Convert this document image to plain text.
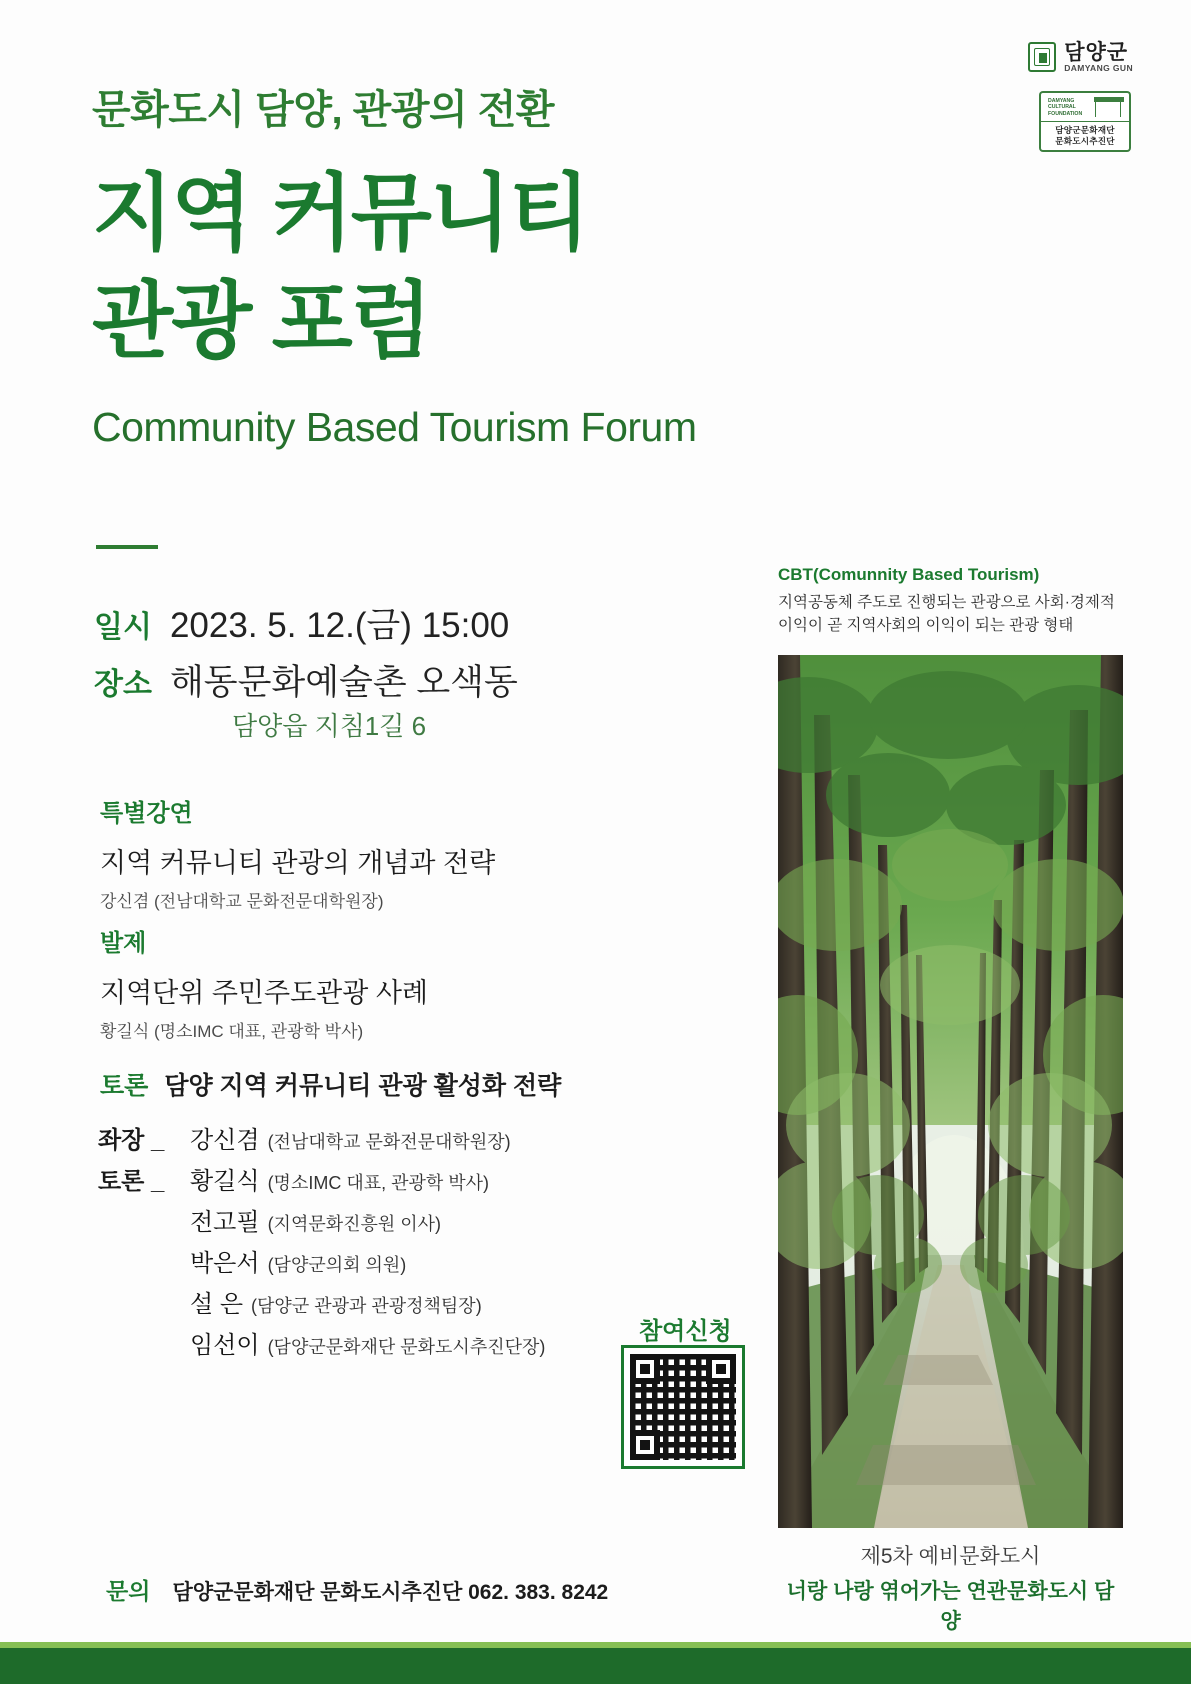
담양군
DAMYANG GUN
DAMYANG
CULTURAL
FOUNDATION
담양군문화재단
문화도시추진단
문화도시 담양, 관광의 전환
지역 커뮤니티
관광 포럼
Community Based Tourism Forum
일시 2023. 5. 12.(금) 15:00
장소 해동문화예술촌 오색동
담양읍 지침1길 6
특별강연
지역 커뮤니티 관광의 개념과 전략
강신겸 (전남대학교 문화전문대학원장)
발제
지역단위 주민주도관광 사례
황길식 (명소IMC 대표, 관광학 박사)
토론 담양 지역 커뮤니티 관광 활성화 전략
좌장 _	강신겸 (전남대학교 문화전문대학원장)
토론 _	황길식 (명소IMC 대표, 관광학 박사)
전고필 (지역문화진흥원 이사)
박은서 (담양군의회 의원)
설 은 (담양군 관광과 관광정책팀장)
임선이 (담양군문화재단 문화도시추진단장)
참여신청
문의 담양군문화재단 문화도시추진단 062. 383. 8242
CBT(Comunnity Based Tourism)
지역공동체 주도로 진행되는 관광으로 사회·경제적 이익이 곧 지역사회의 이익이 되는 관광 형태
제5차 예비문화도시
너랑 나랑 엮어가는 연관문화도시 담양
